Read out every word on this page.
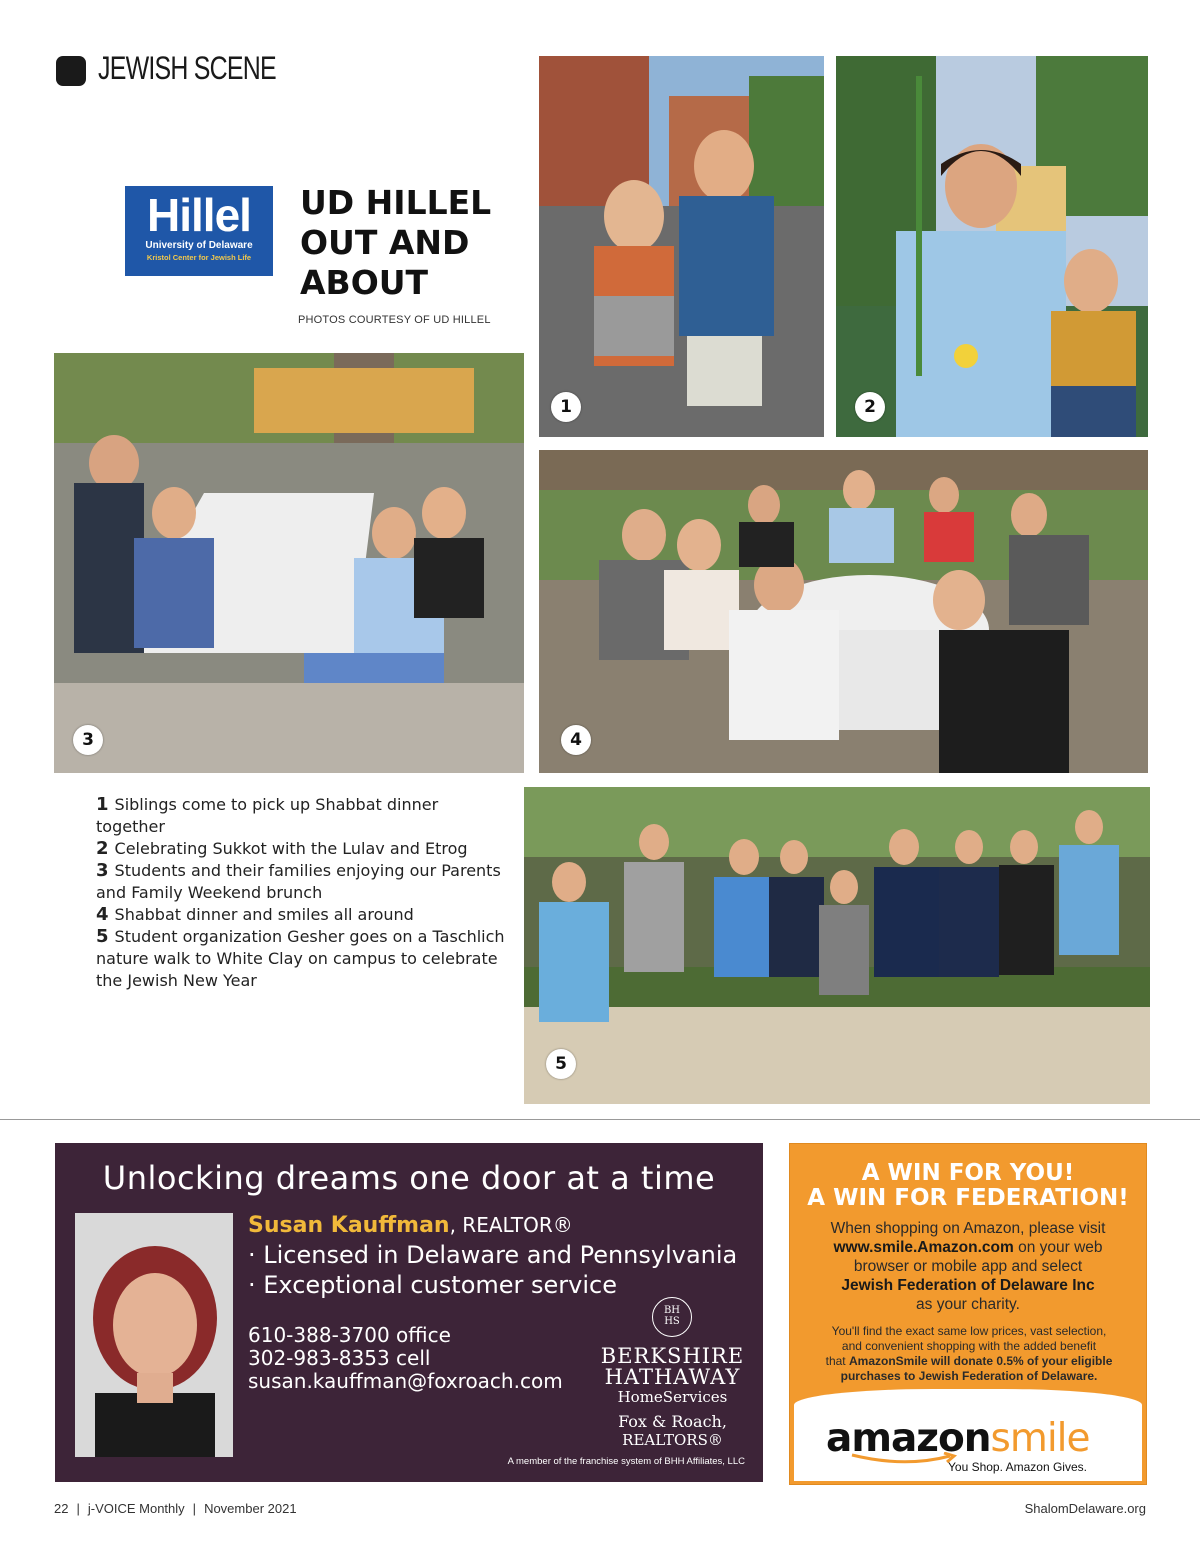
JEWISH SCENE
Hillel
University of Delaware
Kristol Center for Jewish Life
UD HILLEL
OUT AND
ABOUT
PHOTOS COURTESY OF UD HILLEL
1	2
3	4
5
1 Siblings come to pick up Shabbat dinner together
2 Celebrating Sukkot with the Lulav and Etrog
3 Students and their families enjoying our Parents and Family Weekend brunch
4 Shabbat dinner and smiles all around
5 Student organization Gesher goes on a Taschlich nature walk to White Clay on campus to celebrate the Jewish New Year
Unlocking dreams one door at a time
Susan Kauffman, REALTOR®
· Licensed in Delaware and Pennsylvania
· Exceptional customer service
610-388-3700 office
302-983-8353 cell
susan.kauffman@foxroach.com
BH
HS
BERKSHIRE
HATHAWAY
HomeServices
Fox & Roach,
REALTORS®
A member of the franchise system of BHH Affiliates, LLC
A WIN FOR YOU!
A WIN FOR FEDERATION!
When shopping on Amazon, please visit
www.smile.Amazon.com on your web
browser or mobile app and select
Jewish Federation of Delaware Inc
as your charity.
You'll find the exact same low prices, vast selection,
and convenient shopping with the added benefit
that AmazonSmile will donate 0.5% of your eligible
purchases to Jewish Federation of Delaware.
amazonsmile
You Shop. Amazon Gives.
22 | j-VOICE Monthly | November 2021	ShalomDelaware.org
